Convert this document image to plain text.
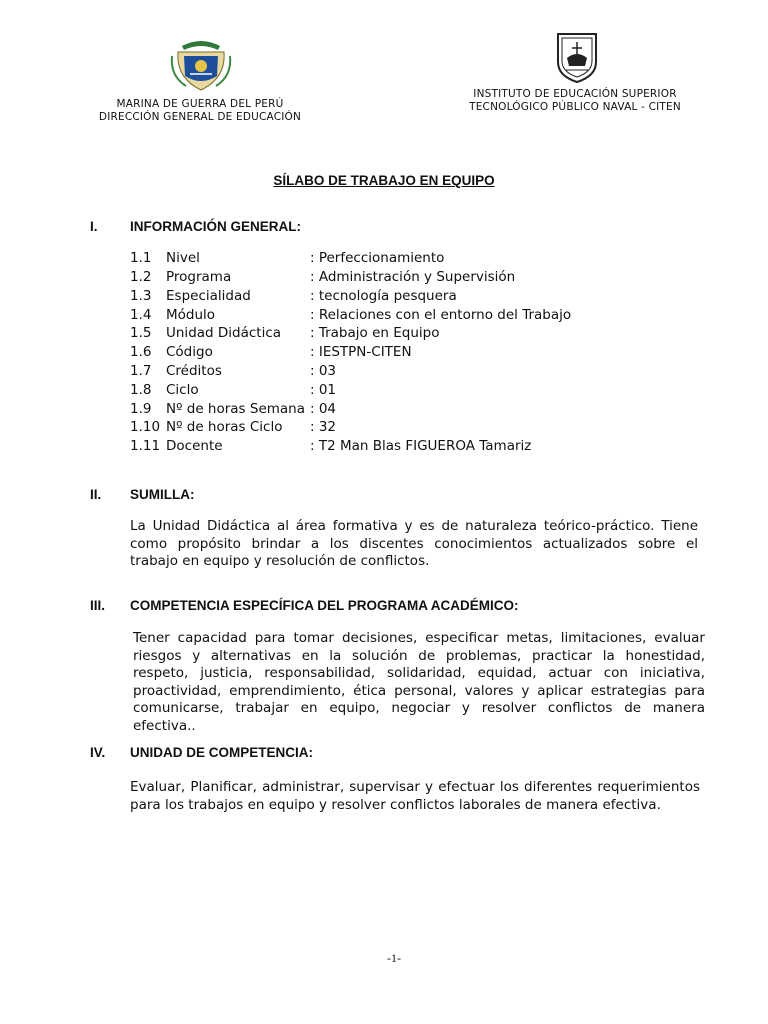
MARINA DE GUERRA DEL PERÚ
DIRECCIÓN GENERAL DE EDUCACIÓN
INSTITUTO DE EDUCACIÓN SUPERIOR
TECNOLÓGICO PÚBLICO NAVAL - CITEN
SÍLABO DE TRABAJO EN EQUIPO
I. INFORMACIÓN GENERAL:
1.1 Nivel	: Perfeccionamiento
1.2 Programa	: Administración y Supervisión
1.3 Especialidad	: tecnología pesquera
1.4 Módulo	: Relaciones con el entorno del Trabajo
1.5 Unidad Didáctica : Trabajo en Equipo
1.6 Código	: IESTPN-CITEN
1.7 Créditos	: 03
1.8 Ciclo	: 01
1.9 Nº de horas Semana : 04
1.10 Nº de horas Ciclo : 32
1.11 Docente	: T2 Man Blas FIGUEROA Tamariz
II. SUMILLA:
La Unidad Didáctica al área formativa y es de naturaleza teórico-práctico. Tiene
como propósito brindar a los discentes conocimientos actualizados sobre el
trabajo en equipo y resolución de conflictos.
III. COMPETENCIA ESPECÍFICA DEL PROGRAMA ACADÉMICO:
Tener capacidad para tomar decisiones, especificar metas, limitaciones, evaluar
riesgos y alternativas en la solución de problemas, practicar la honestidad,
respeto, justicia, responsabilidad, solidaridad, equidad, actuar con iniciativa,
proactividad, emprendimiento, ética personal, valores y aplicar estrategias para
comunicarse, trabajar en equipo, negociar y resolver conflictos de manera
efectiva..
IV. UNIDAD DE COMPETENCIA:
Evaluar, Planificar, administrar, supervisar y efectuar los diferentes requerimientos
para los trabajos en equipo y resolver conflictos laborales de manera efectiva.
-1-
